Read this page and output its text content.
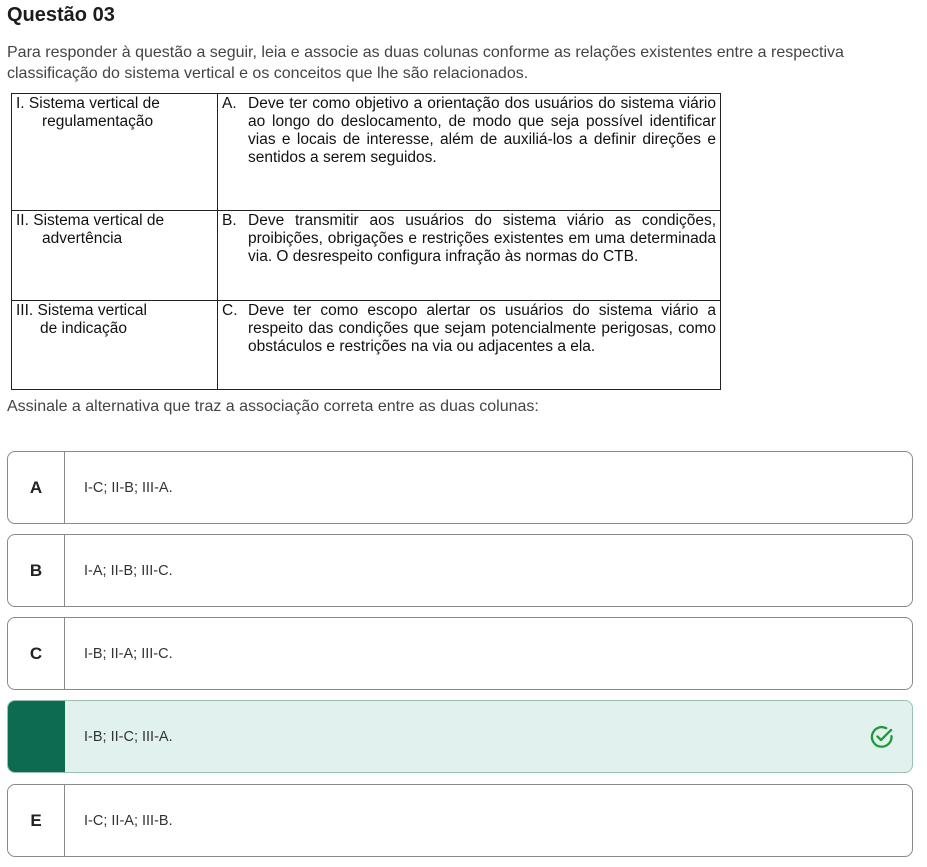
Questão 03
Para responder à questão a seguir, leia e associe as duas colunas conforme as relações existentes entre a respectiva classificação do sistema vertical e os conceitos que lhe são relacionados.
I. Sistema vertical de
regulamentação	A. Deve ter como objetivo a orientação dos usuários do sistema viário ao longo do deslocamento, de modo que seja possível identificar vias e locais de interesse, além de auxiliá-los a definir direções e sentidos a serem seguidos.

II. Sistema vertical de
advertência	B. Deve transmitir aos usuários do sistema viário as condições, proibições, obrigações e restrições existentes em uma determinada via. O desrespeito configura infração às normas do CTB.

III. Sistema vertical
de indicação	C. Deve ter como escopo alertar os usuários do sistema viário a respeito das condições que sejam potencialmente perigosas, como obstáculos e restrições na via ou adjacentes a ela.
Assinale a alternativa que traz a associação correta entre as duas colunas:
A	I-C; II-B; III-A.
B	I-A; II-B; III-C.
C	I-B; II-A; III-C.
D	I-B; II-C; III-A.
E	I-C; II-A; III-B.
